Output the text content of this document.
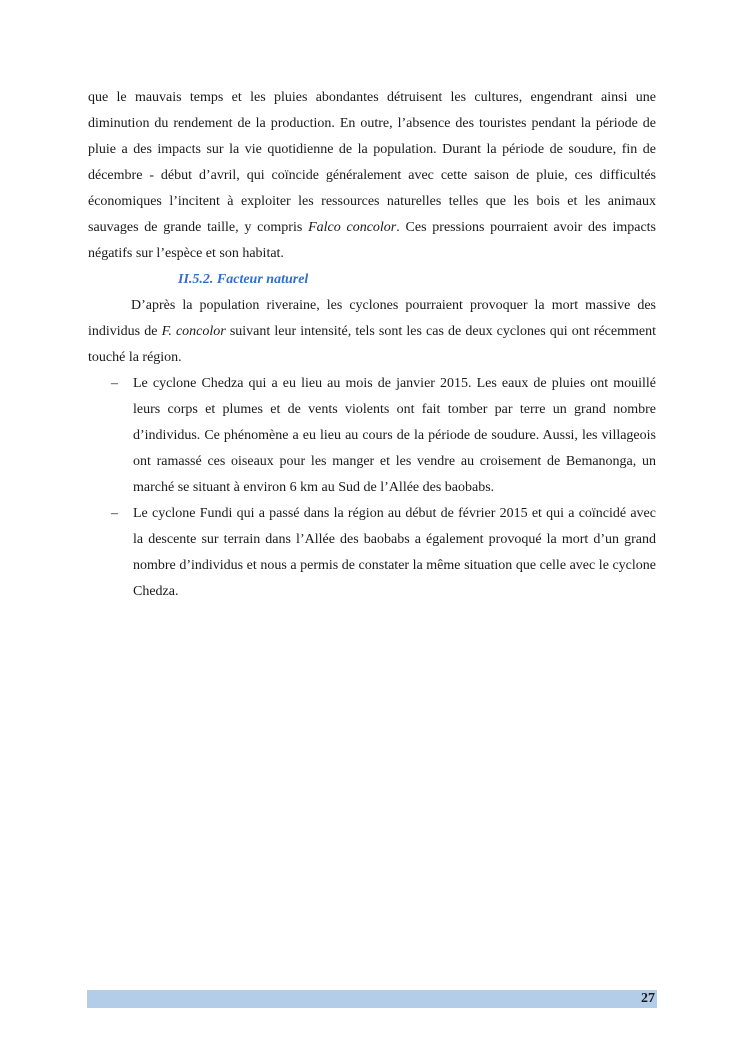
que le mauvais temps et les pluies abondantes détruisent les cultures, engendrant ainsi une diminution du rendement de la production. En outre, l’absence des touristes pendant la période de pluie a des impacts sur la vie quotidienne de la population. Durant la période de soudure, fin de décembre - début d’avril, qui coïncide généralement avec cette saison de pluie, ces difficultés économiques l’incitent à exploiter les ressources naturelles telles que les bois et les animaux sauvages de grande taille, y compris Falco concolor. Ces pressions pourraient avoir des impacts négatifs sur l’espèce et son habitat.

II.5.2. Facteur naturel

D’après la population riveraine, les cyclones pourraient provoquer la mort massive des individus de F. concolor suivant leur intensité, tels sont les cas de deux cyclones qui ont récemment touché la région.

– Le cyclone Chedza qui a eu lieu au mois de janvier 2015. Les eaux de pluies ont mouillé leurs corps et plumes et de vents violents ont fait tomber par terre un grand nombre d’individus. Ce phénomène a eu lieu au cours de la période de soudure. Aussi, les villageois ont ramassé ces oiseaux pour les manger et les vendre au croisement de Bemanonga, un marché se situant à environ 6 km au Sud de l’Allée des baobabs.
– Le cyclone Fundi qui a passé dans la région au début de février 2015 et qui a coïncidé avec la descente sur terrain dans l’Allée des baobabs a également provoqué la mort d’un grand nombre d’individus et nous a permis de constater la même situation que celle avec le cyclone Chedza.
27
